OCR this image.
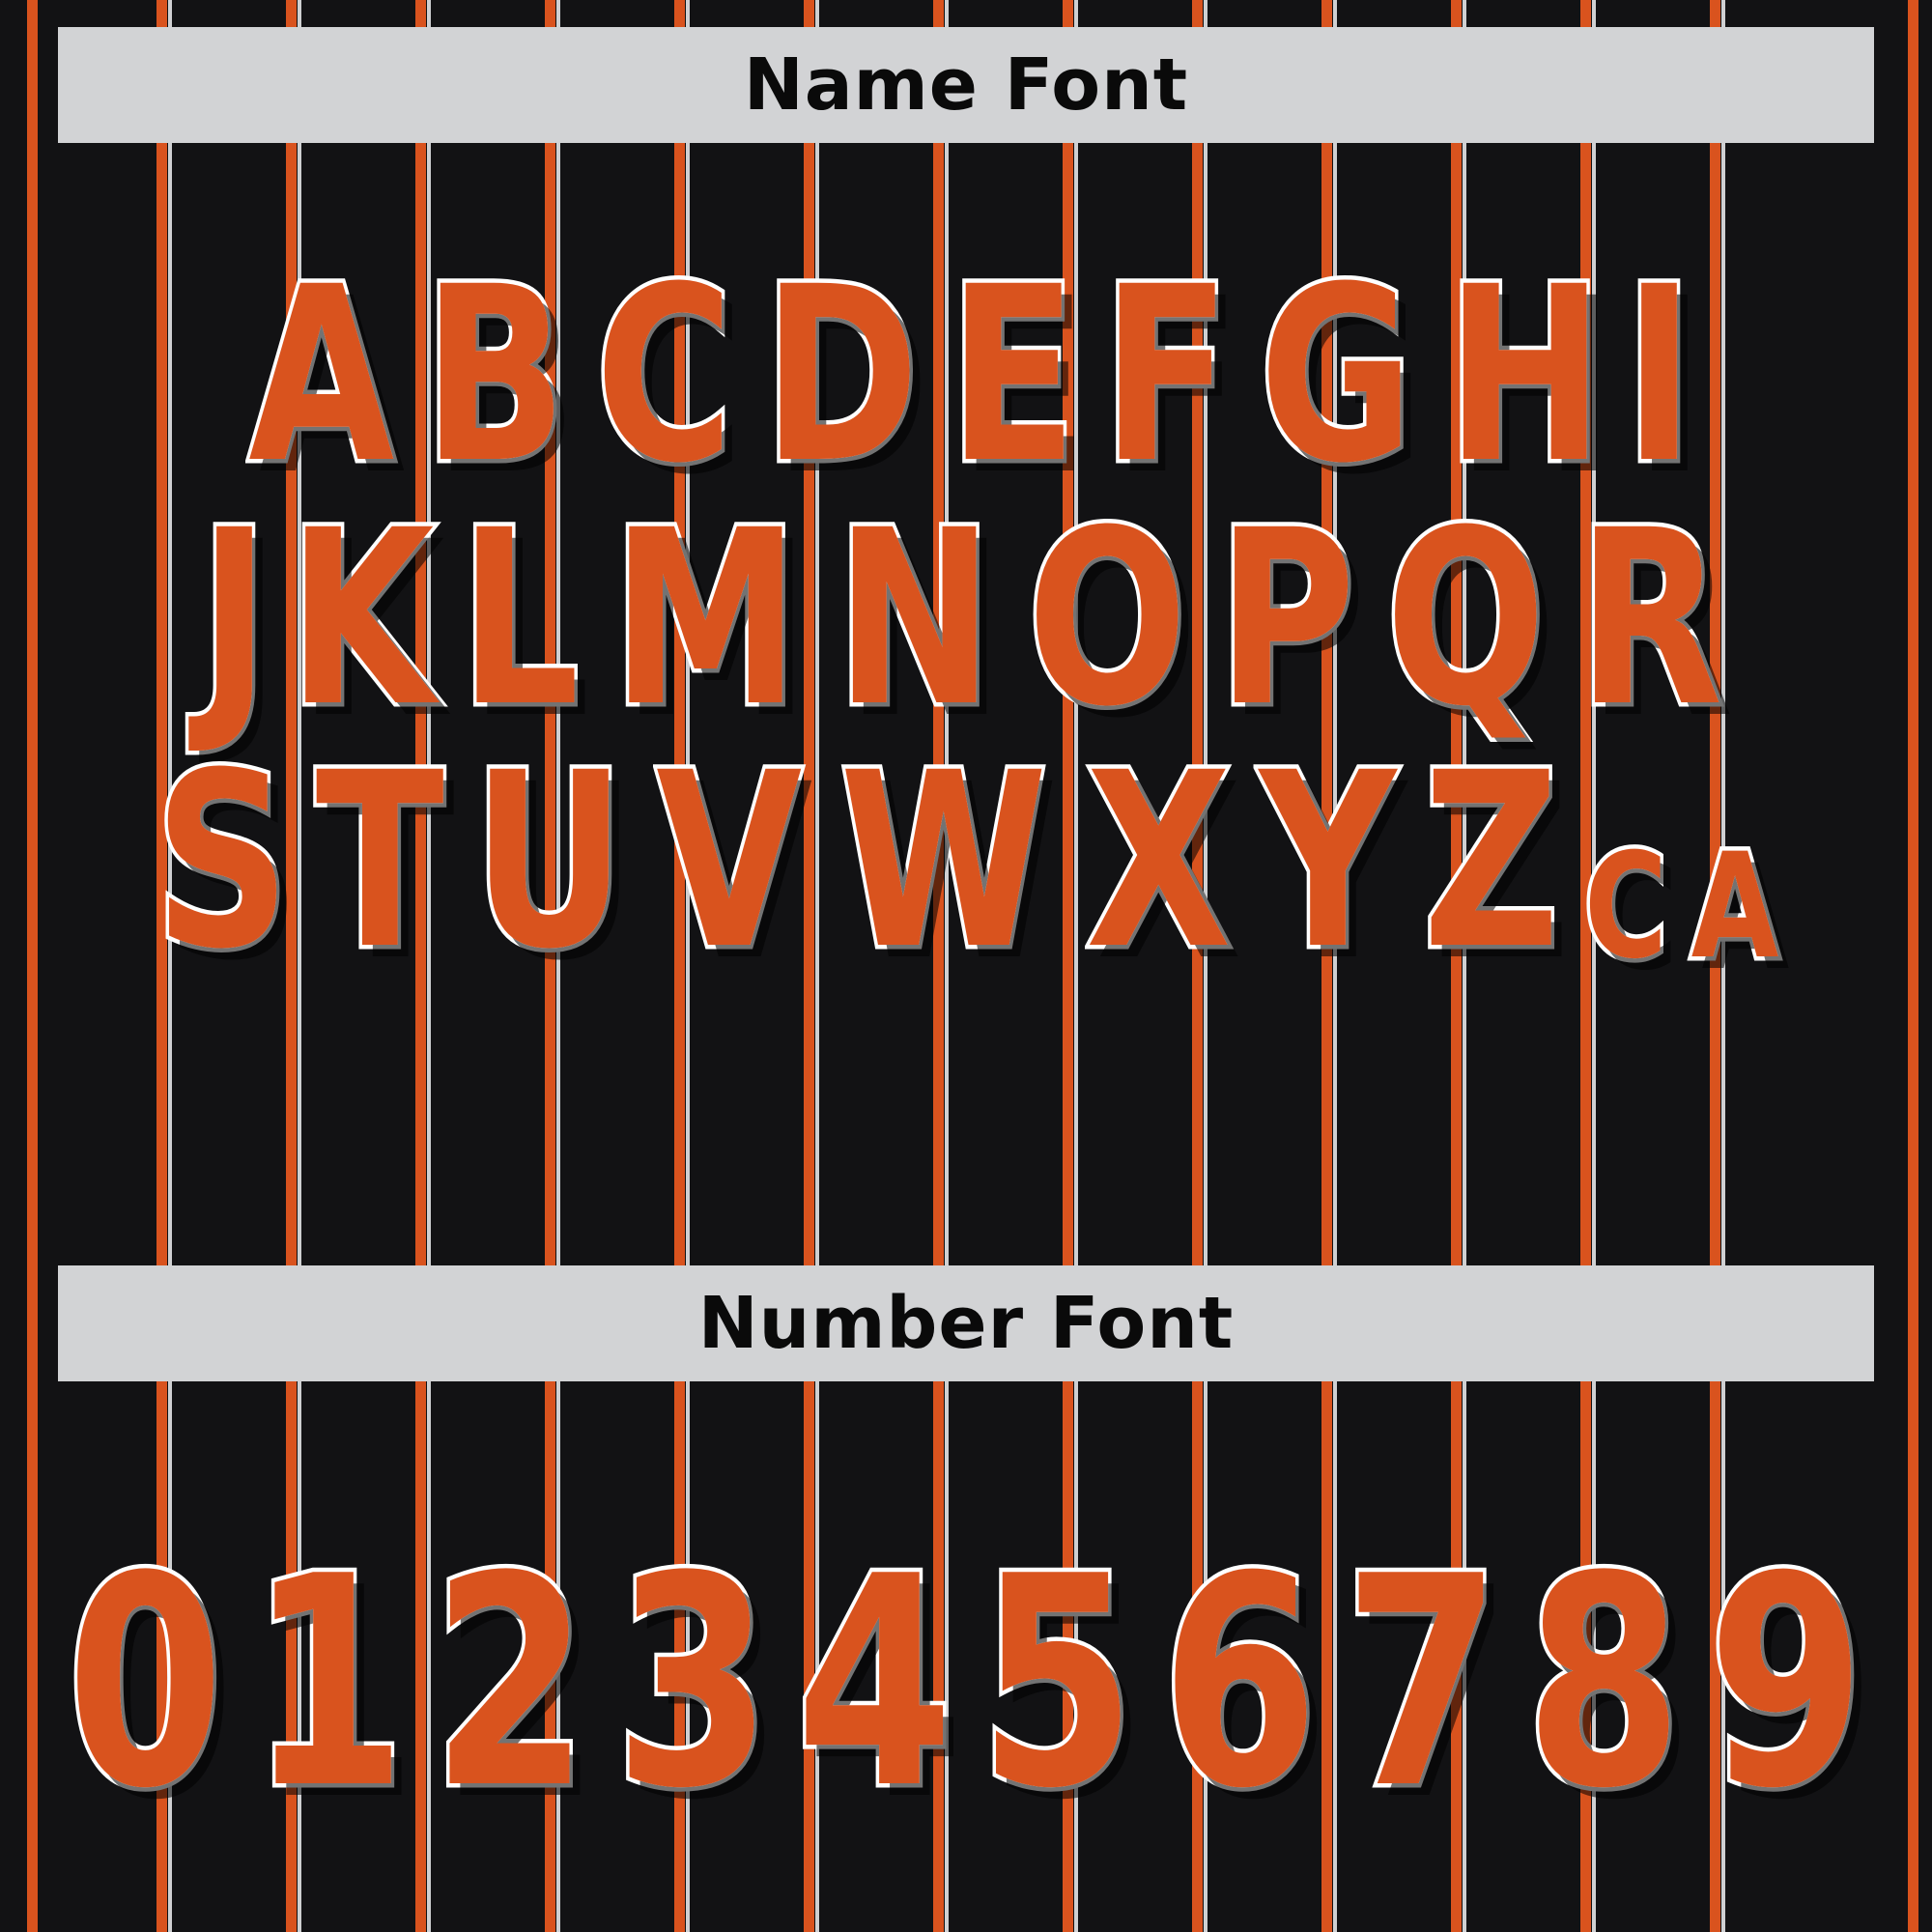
Name Font
A B C D E F G H I
J K L M N O P Q R
S T U V W X Y Z C A
Number Font
0 1 2 3 4 5 6 7 8 9
